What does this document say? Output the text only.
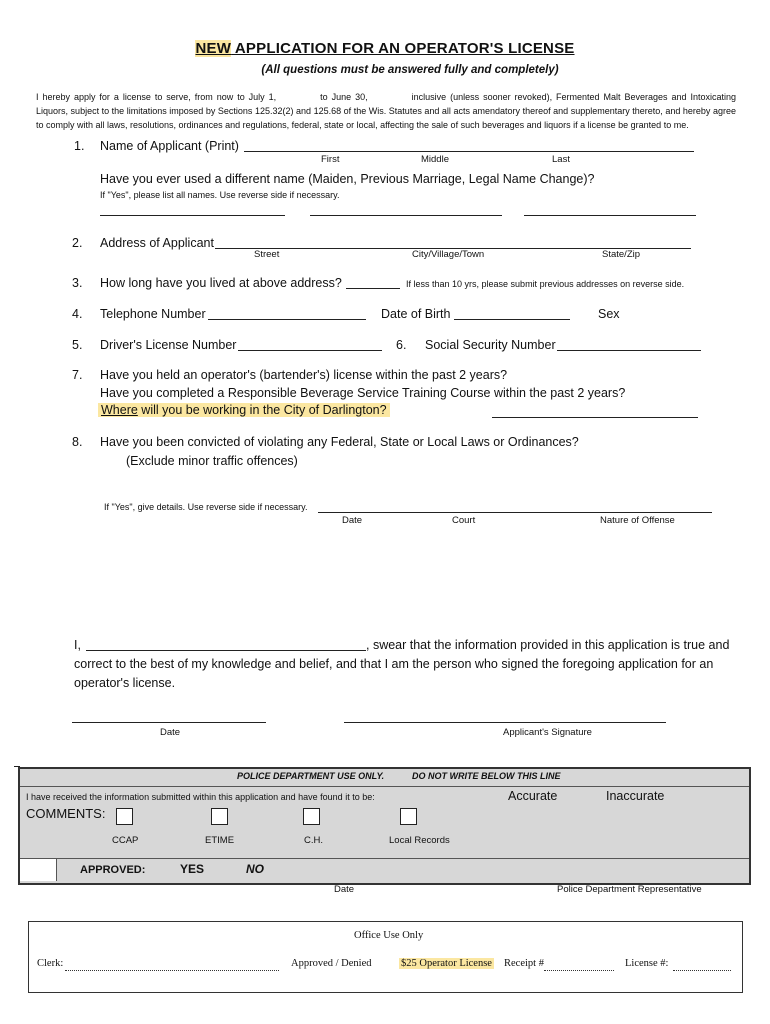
NEW APPLICATION FOR AN OPERATOR'S LICENSE
(All questions must be answered fully and completely)
I hereby apply for a license to serve, from now to July 1,	to June 30,	inclusive (unless sooner revoked), Fermented Malt Beverages and Intoxicating Liquors, subject to the limitations imposed by Sections 125.32(2) and 125.68 of the Wis. Statutes and all acts amendatory thereof and supplementary thereto, and hereby agree to comply with all laws, resolutions, ordinances and regulations, federal, state or local, affecting the sale of such beverages and liquors if a license be granted to me.
1. Name of Applicant (Print)
First	Middle	Last
Have you ever used a different name (Maiden, Previous Marriage, Legal Name Change)?
If "Yes", please list all names. Use reverse side if necessary.
2. Address of Applicant
Street	City/Village/Town	State/Zip
3. How long have you lived at above address?	If less than 10 yrs, please submit previous addresses on reverse side.
4. Telephone Number	Date of Birth	Sex
5. Driver's License Number	6. Social Security Number
7. Have you held an operator's (bartender's) license within the past 2 years?
Have you completed a Responsible Beverage Service Training Course within the past 2 years?
Where will you be working in the City of Darlington?
8. Have you been convicted of violating any Federal, State or Local Laws or Ordinances?
(Exclude minor traffic offences)
If "Yes", give details. Use reverse side if necessary.
Date	Court	Nature of Offense
I,	, swear that the information provided in this application is true and
correct to the best of my knowledge and belief, and that I am the person who signed the foregoing application for an
operator's license.
Date	Applicant's Signature
POLICE DEPARTMENT USE ONLY.	DO NOT WRITE BELOW THIS LINE
I have received the information submitted within this application and have found it to be:	Accurate	Inaccurate
COMMENTS:
CCAP	ETIME	C.H.	Local Records
APPROVED:	YES	NO
Date	Police Department Representative
Office Use Only
Clerk:	Approved / Denied	$25 Operator License Receipt #	License #:
